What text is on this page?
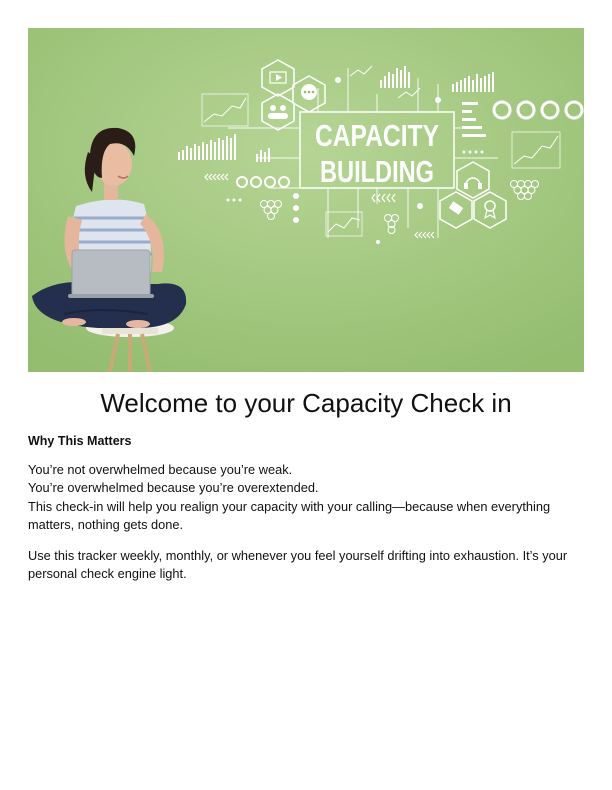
CAPACITY
BUILDING
Welcome to your Capacity Check in
Why This Matters

You’re not overwhelmed because you’re weak.
You’re overwhelmed because you’re overextended.
This check-in will help you realign your capacity with your calling—because when everything matters, nothing gets done.

Use this tracker weekly, monthly, or whenever you feel yourself drifting into exhaustion. It’s your personal check engine light.
